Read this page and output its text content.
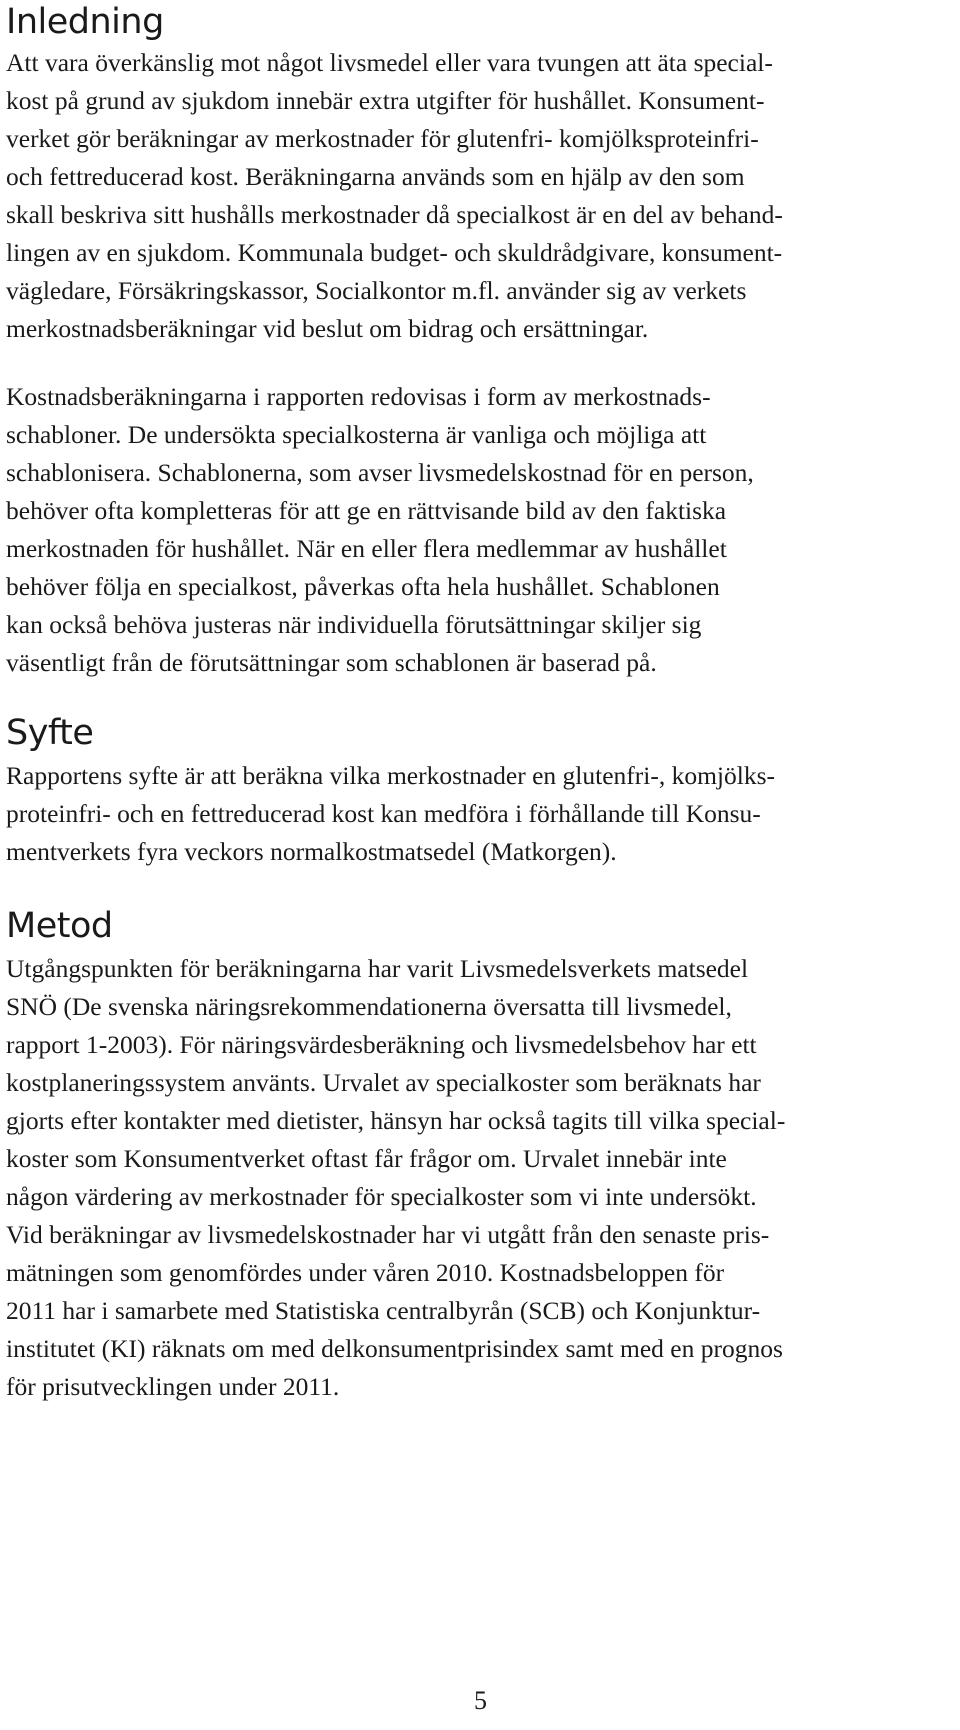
Inledning

Att vara överkänslig mot något livsmedel eller vara tvungen att äta special-
kost på grund av sjukdom innebär extra utgifter för hushållet. Konsument-
verket gör beräkningar av merkostnader för glutenfri- komjölksproteinfri-
och fettreducerad kost. Beräkningarna används som en hjälp av den som
skall beskriva sitt hushålls merkostnader då specialkost är en del av behand-
lingen av en sjukdom. Kommunala budget- och skuldrådgivare, konsument-
vägledare, Försäkringskassor, Socialkontor m.fl. använder sig av verkets
merkostnadsberäkningar vid beslut om bidrag och ersättningar.

Kostnadsberäkningarna i rapporten redovisas i form av merkostnads-
schabloner. De undersökta specialkosterna är vanliga och möjliga att
schablonisera. Schablonerna, som avser livsmedelskostnad för en person,
behöver ofta kompletteras för att ge en rättvisande bild av den faktiska
merkostnaden för hushållet. När en eller flera medlemmar av hushållet
behöver följa en specialkost, påverkas ofta hela hushållet. Schablonen
kan också behöva justeras när individuella förutsättningar skiljer sig
väsentligt från de förutsättningar som schablonen är baserad på.

Syfte

Rapportens syfte är att beräkna vilka merkostnader en glutenfri-, komjölks-
proteinfri- och en fettreducerad kost kan medföra i förhållande till Konsu-
mentverkets fyra veckors normalkostmatsedel (Matkorgen).

Metod

Utgångspunkten för beräkningarna har varit Livsmedelsverkets matsedel
SNÖ (De svenska näringsrekommendationerna översatta till livsmedel,
rapport 1-2003). För näringsvärdesberäkning och livsmedelsbehov har ett
kostplaneringssystem använts. Urvalet av specialkoster som beräknats har
gjorts efter kontakter med dietister, hänsyn har också tagits till vilka special-
koster som Konsumentverket oftast får frågor om. Urvalet innebär inte
någon värdering av merkostnader för specialkoster som vi inte undersökt.
Vid beräkningar av livsmedelskostnader har vi utgått från den senaste pris-
mätningen som genomfördes under våren 2010. Kostnadsbeloppen för
2011 har i samarbete med Statistiska centralbyrån (SCB) och Konjunktur-
institutet (KI) räknats om med delkonsumentprisindex samt med en prognos
för prisutvecklingen under 2011.

5
